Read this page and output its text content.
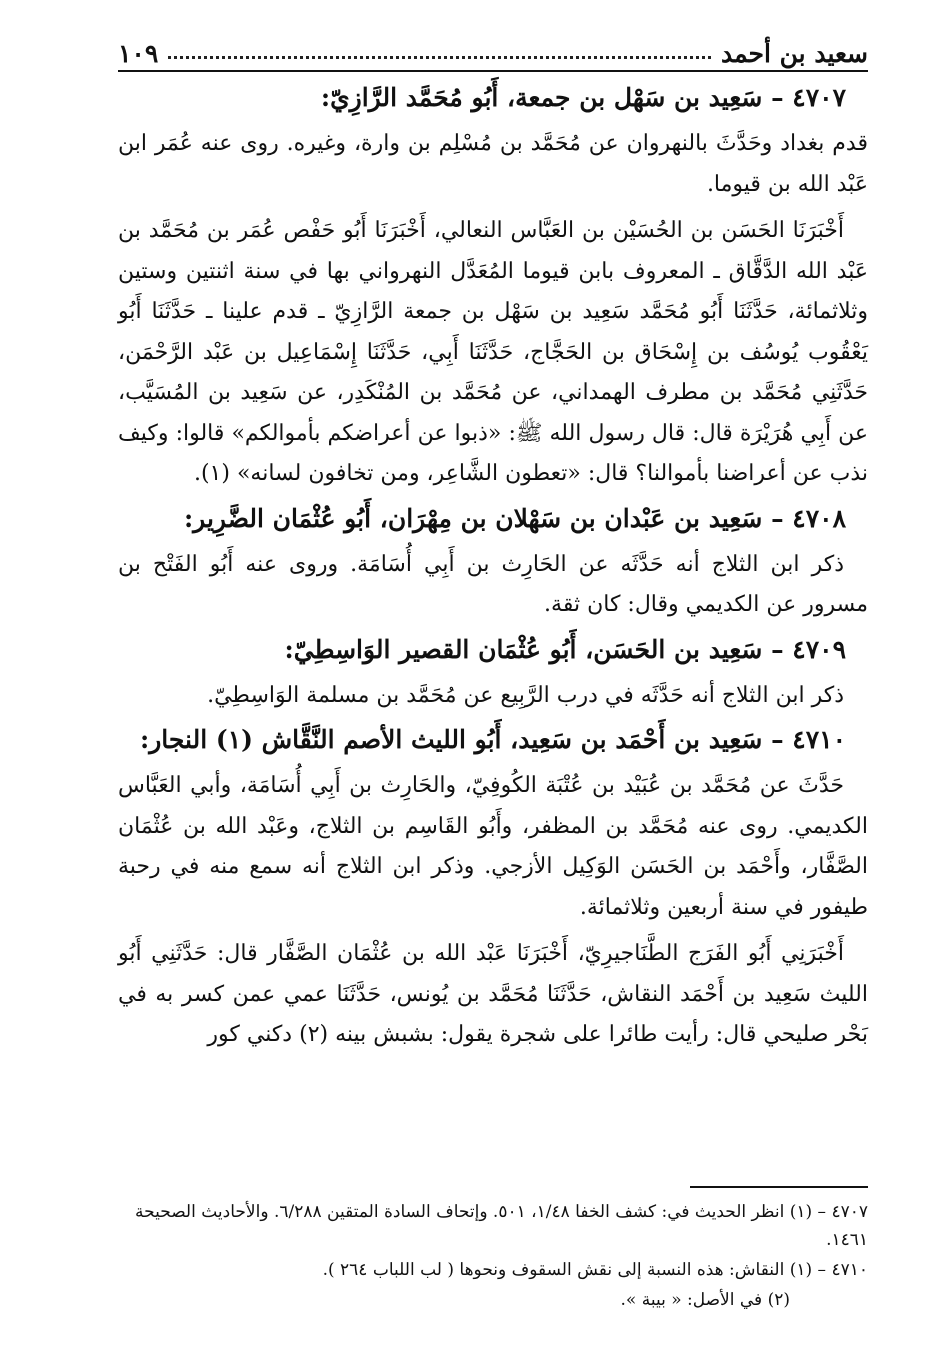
سعيد بن أحمد
١٠٩
٤٧٠٧ – سَعِيد بن سَهْل بن جمعة، أَبُو مُحَمَّد الرَّازِيّ:

قدم بغداد وحَدَّثَ بالنهروان عن مُحَمَّد بن مُسْلِم بن وارة، وغيره. روى عنه عُمَر ابن عَبْد الله بن قيوما.

أَخْبَرَنَا الحَسَن بن الحُسَيْن بن العَبَّاس النعالي، أَخْبَرَنَا أَبُو حَفْص عُمَر بن مُحَمَّد بن عَبْد الله الدَّقَّاق ـ المعروف بابن قيوما المُعَدَّل النهرواني بها في سنة اثنتين وستين وثلاثمائة، حَدَّثَنَا أَبُو مُحَمَّد سَعِيد بن سَهْل بن جمعة الرَّازِيّ ـ قدم علينا ـ حَدَّثَنَا أَبُو يَعْقُوب يُوسُف بن إِسْحَاق بن الحَجَّاج، حَدَّثَنَا أَبِي، حَدَّثَنَا إِسْمَاعِيل بن عَبْد الرَّحْمَن، حَدَّثَنِي مُحَمَّد بن مطرف الهمداني، عن مُحَمَّد بن المُنْكَدِر، عن سَعِيد بن المُسَيَّب، عن أَبِي هُرَيْرَة قال: قال رسول الله ﷺ: «ذبوا عن أعراضكم بأموالكم» قالوا: وكيف نذب عن أعراضنا بأموالنا؟ قال: «تعطون الشَّاعِر، ومن تخافون لسانه» (١).

٤٧٠٨ – سَعِيد بن عَبْدان بن سَهْلان بن مِهْرَان، أَبُو عُثْمَان الضَّرِير:

ذكر ابن الثلاج أنه حَدَّثَه عن الحَارِث بن أَبِي أُسَامَة. وروى عنه أَبُو الفَتْح بن مسرور عن الكديمي وقال: كان ثقة.

٤٧٠٩ – سَعِيد بن الحَسَن، أَبُو عُثْمَان القصير الوَاسِطِيّ:

ذكر ابن الثلاج أنه حَدَّثَه في درب الرَّبِيع عن مُحَمَّد بن مسلمة الوَاسِطِيّ.

٤٧١٠ – سَعِيد بن أَحْمَد بن سَعِيد، أَبُو الليث الأصم النَّقَّاش (١) النجار:

حَدَّثَ عن مُحَمَّد بن عُبَيْد بن عُتْبَة الكُوفِيّ، والحَارِث بن أَبِي أُسَامَة، وأبي العَبَّاس الكديمي. روى عنه مُحَمَّد بن المظفر، وأَبُو القَاسِم بن الثلاج، وعَبْد الله بن عُثْمَان الصَّفَّار، وأَحْمَد بن الحَسَن الوَكِيل الأزجي. وذكر ابن الثلاج أنه سمع منه في رحبة طيفور في سنة أربعين وثلاثمائة.

أَخْبَرَنِي أَبُو الفَرَج الطَّنَاجيرِيّ، أَخْبَرَنَا عَبْد الله بن عُثْمَان الصَّفَّار قال: حَدَّثَنِي أَبُو الليث سَعِيد بن أَحْمَد النقاش، حَدَّثَنَا مُحَمَّد بن يُونس، حَدَّثَنَا عمي عمن كسر به في بَحْر صليحي قال: رأيت طائرا على شجرة يقول: بشبش بينه (٢) دكني كور

٤٧٠٧ – (١) انظر الحديث في: كشف الخفا ١/٤٨، ٥٠١. وإتحاف السادة المتقين ٦/٢٨٨. والأحاديث الصحيحة ١٤٦١.

٤٧١٠ – (١) النقاش: هذه النسبة إلى نقش السقوف ونحوها ( لب اللباب ٢٦٤ ).

(٢) في الأصل: « بيبة ».
